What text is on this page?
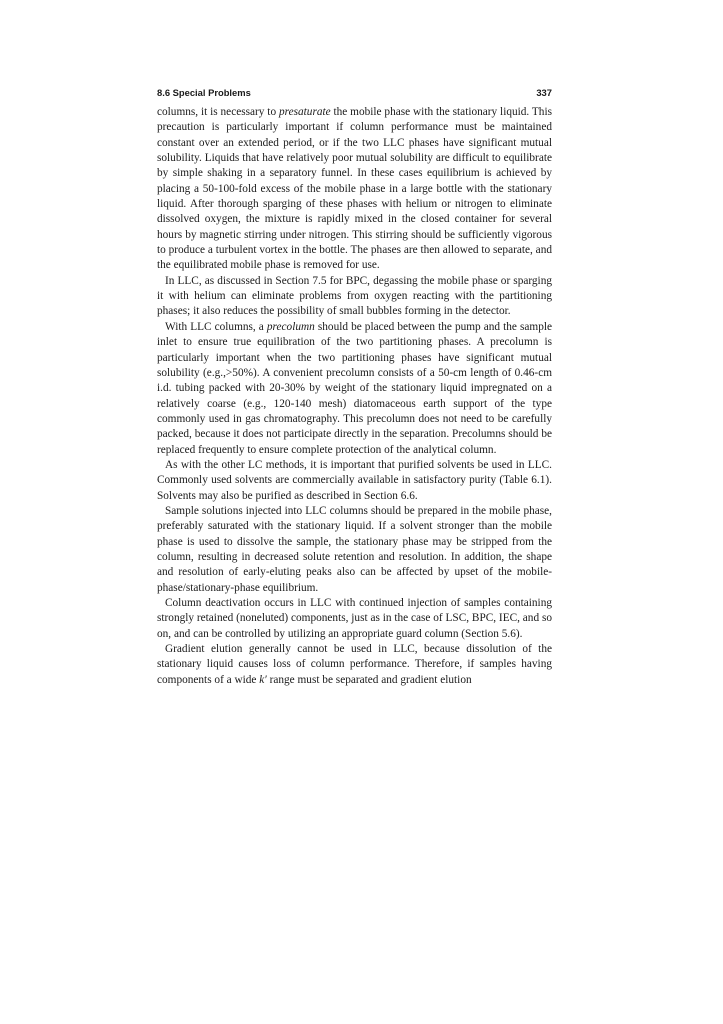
8.6 Special Problems	337

columns, it is necessary to presaturate the mobile phase with the stationary liquid. This precaution is particularly important if column performance must be maintained constant over an extended period, or if the two LLC phases have significant mutual solubility. Liquids that have relatively poor mutual solubility are difficult to equilibrate by simple shaking in a separatory funnel. In these cases equilibrium is achieved by placing a 50-100-fold excess of the mobile phase in a large bottle with the stationary liquid. After thorough sparging of these phases with helium or nitrogen to eliminate dissolved oxygen, the mixture is rapidly mixed in the closed container for several hours by magnetic stirring under nitrogen. This stirring should be sufficiently vigorous to produce a turbulent vortex in the bottle. The phases are then allowed to separate, and the equilibrated mobile phase is removed for use.

In LLC, as discussed in Section 7.5 for BPC, degassing the mobile phase or sparging it with helium can eliminate problems from oxygen reacting with the partitioning phases; it also reduces the possibility of small bubbles forming in the detector.

With LLC columns, a precolumn should be placed between the pump and the sample inlet to ensure true equilibration of the two partitioning phases. A precolumn is particularly important when the two partitioning phases have significant mutual solubility (e.g.,>50%). A convenient precolumn consists of a 50-cm length of 0.46-cm i.d. tubing packed with 20-30% by weight of the stationary liquid impregnated on a relatively coarse (e.g., 120-140 mesh) diatomaceous earth support of the type commonly used in gas chromatography. This precolumn does not need to be carefully packed, because it does not participate directly in the separation. Precolumns should be replaced frequently to ensure complete protection of the analytical column.

As with the other LC methods, it is important that purified solvents be used in LLC. Commonly used solvents are commercially available in satisfactory purity (Table 6.1). Solvents may also be purified as described in Section 6.6.

Sample solutions injected into LLC columns should be prepared in the mobile phase, preferably saturated with the stationary liquid. If a solvent stronger than the mobile phase is used to dissolve the sample, the stationary phase may be stripped from the column, resulting in decreased solute retention and resolution. In addition, the shape and resolution of early-eluting peaks also can be affected by upset of the mobile-phase/stationary-phase equilibrium.

Column deactivation occurs in LLC with continued injection of samples containing strongly retained (noneluted) components, just as in the case of LSC, BPC, IEC, and so on, and can be controlled by utilizing an appropriate guard column (Section 5.6).

Gradient elution generally cannot be used in LLC, because dissolution of the stationary liquid causes loss of column performance. Therefore, if samples having components of a wide k′ range must be separated and gradient elution
